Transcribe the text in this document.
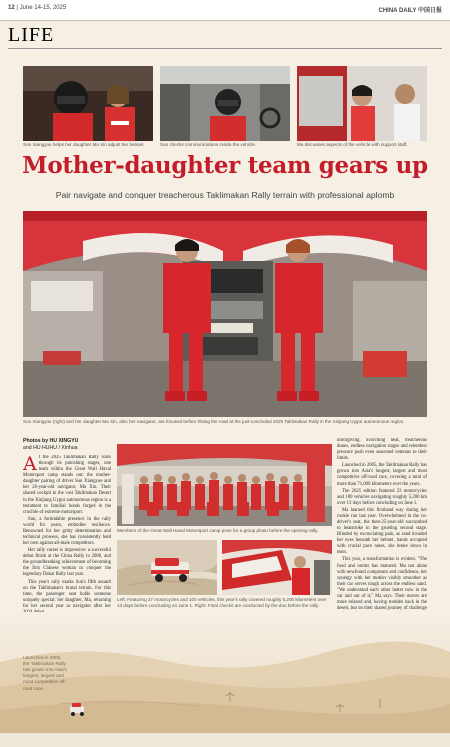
12 | June 14-15, 2025	CHINA DAILY 中国日报
LIFE
Sun Xiangyue helps her daughter Ma Xin adjust her helmet.	Sun checks communications inside the vehicle.	Ma discusses aspects of the vehicle with support staff.
Mother-daughter team gears up
Pair navigate and conquer treacherous Taklimakan Rally terrain with professional aplomb
Sun Xiangyue (right) and her daughter Ma Xin, also her navigator, are focused before hitting the road at the just-concluded 2025 Taklimakan Rally in the Xinjiang Uygur autonomous region.
Photos by HU XINGYU
and HU HUHU / Xinhua
A t the 2025 Taklimakan Rally roars through its punishing stages, one team within the Great Wall Haval Motorsport camp stands out: the mother-daughter pairing of driver Sun Xiangyue and her 26-year-old navigator, Ma Xin. Their shared cockpit in the vast Taklimakan Desert in the Xinjiang Uygur autonomous region is a testament to familial bonds forged in the crucible of extreme motorsport.

Sun, a formidable presence in the rally world for years, embodies resilience. Renowned for her gritty determination and technical prowess, she has consistently held her own against all-male competitors.

Her rally career is impressive: a successful debut finish at the China Rally in 2006, and the groundbreaking achievement of becoming the first Chinese woman to conquer the legendary Dakar Rally last year.

This year's rally marks Sun's fifth assault on the Taklimakan's brutal terrain. For this time, the passenger seat holds someone uniquely special: her daughter, Ma, returning for her second year as navigator after her

Members of the Great Wall Haval Motorsport camp pose for a group photo before the opening rally.
Left: Featuring 27 motorcycles and 100 vehicles, this year's rally covered roughly 5,200 kilometers over 13 days before concluding on June 1. Right: Final checks are conducted by the duo before the rally.

unforgiving. Scorching heat, treacherous dunes, endless navigation stages and relentless pressure push even seasoned veterans to their limits.

Launched in 2005, the Taklimakan Rally has grown into Asia's longest, largest and most competitive off-road race, covering a total of more than 71,000 kilometers over the years.

The 2025 edition featured 23 motorcycles and 100 vehicles navigating roughly 5,200 km over 13 days before concluding on June 1.

Ma learned this firsthand way during her rookie run last year. Overwhelmed in the co-driver's seat, the then-25-year-old succumbed to heatstroke in the grueling second stage. Blinded by excruciating pain, as sand invaded her eyes beneath her helmet, hands occupied with crucial pace notes, she broke down in tears.

This year, a transformation is evident. "The food and norms has matured. Ma not alone with newfound composure and confidence, her synergy with her mother visibly smoother as their car serves tough across the endless sand. "We understand each other better now in the car and out of it," Ma says. Their moves are more relaxed and, having trodden back in the desert, but on their shared journey of challenge

Launched in 2005, the Taklimakan Rally has grown into Asia's longest, largest and most competitive off-road race.
